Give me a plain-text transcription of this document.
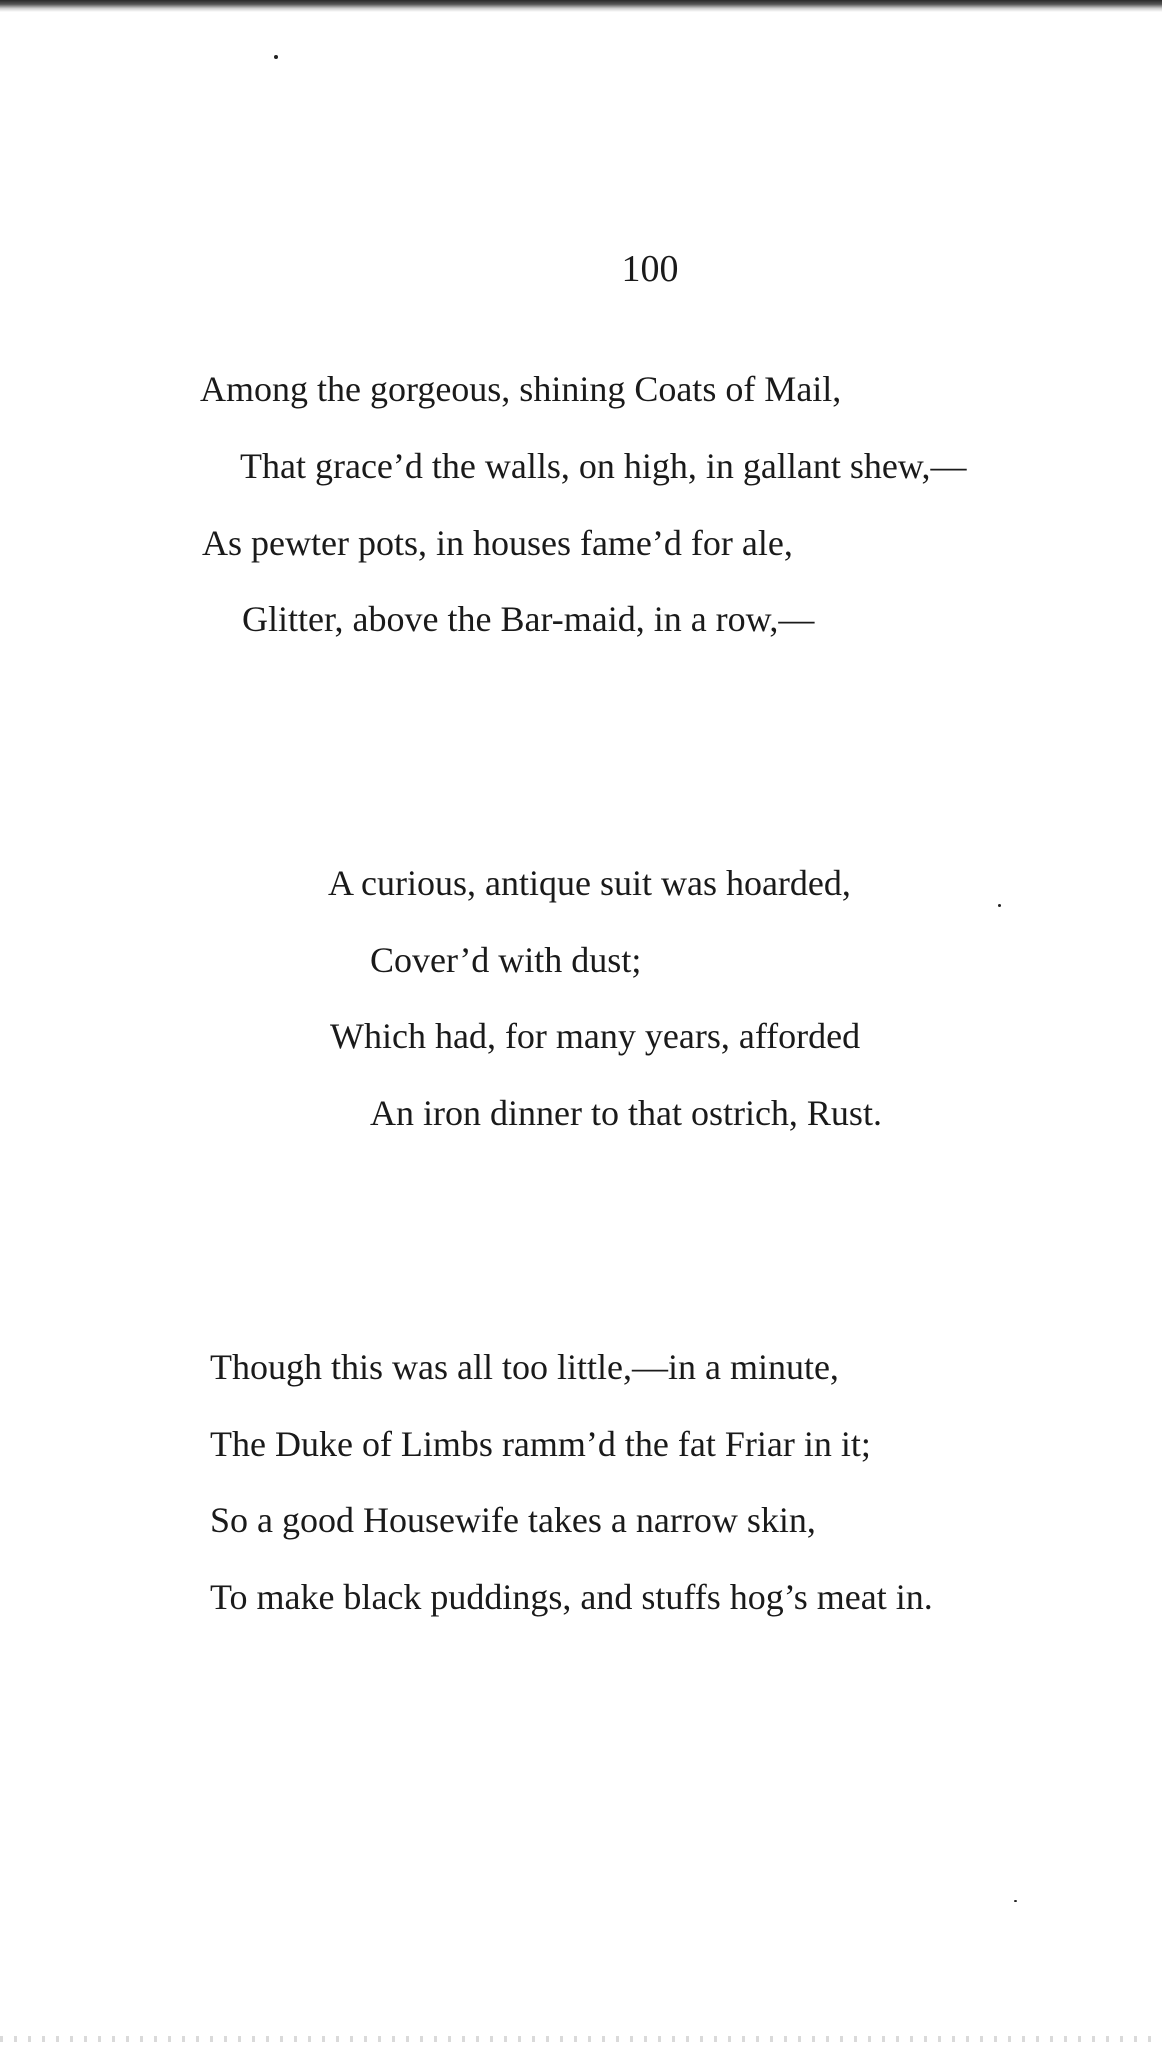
100
Among the gorgeous, shining Coats of Mail,
That grace’d the walls, on high, in gallant shew,—
As pewter pots, in houses fame’d for ale,
Glitter, above the Bar-maid, in a row,—
A curious, antique suit was hoarded,
Cover’d with dust;
Which had, for many years, afforded
An iron dinner to that ostrich, Rust.
Though this was all too little,—in a minute,
The Duke of Limbs ramm’d the fat Friar in it;
So a good Housewife takes a narrow skin,
To make black puddings, and stuffs hog’s meat in.
